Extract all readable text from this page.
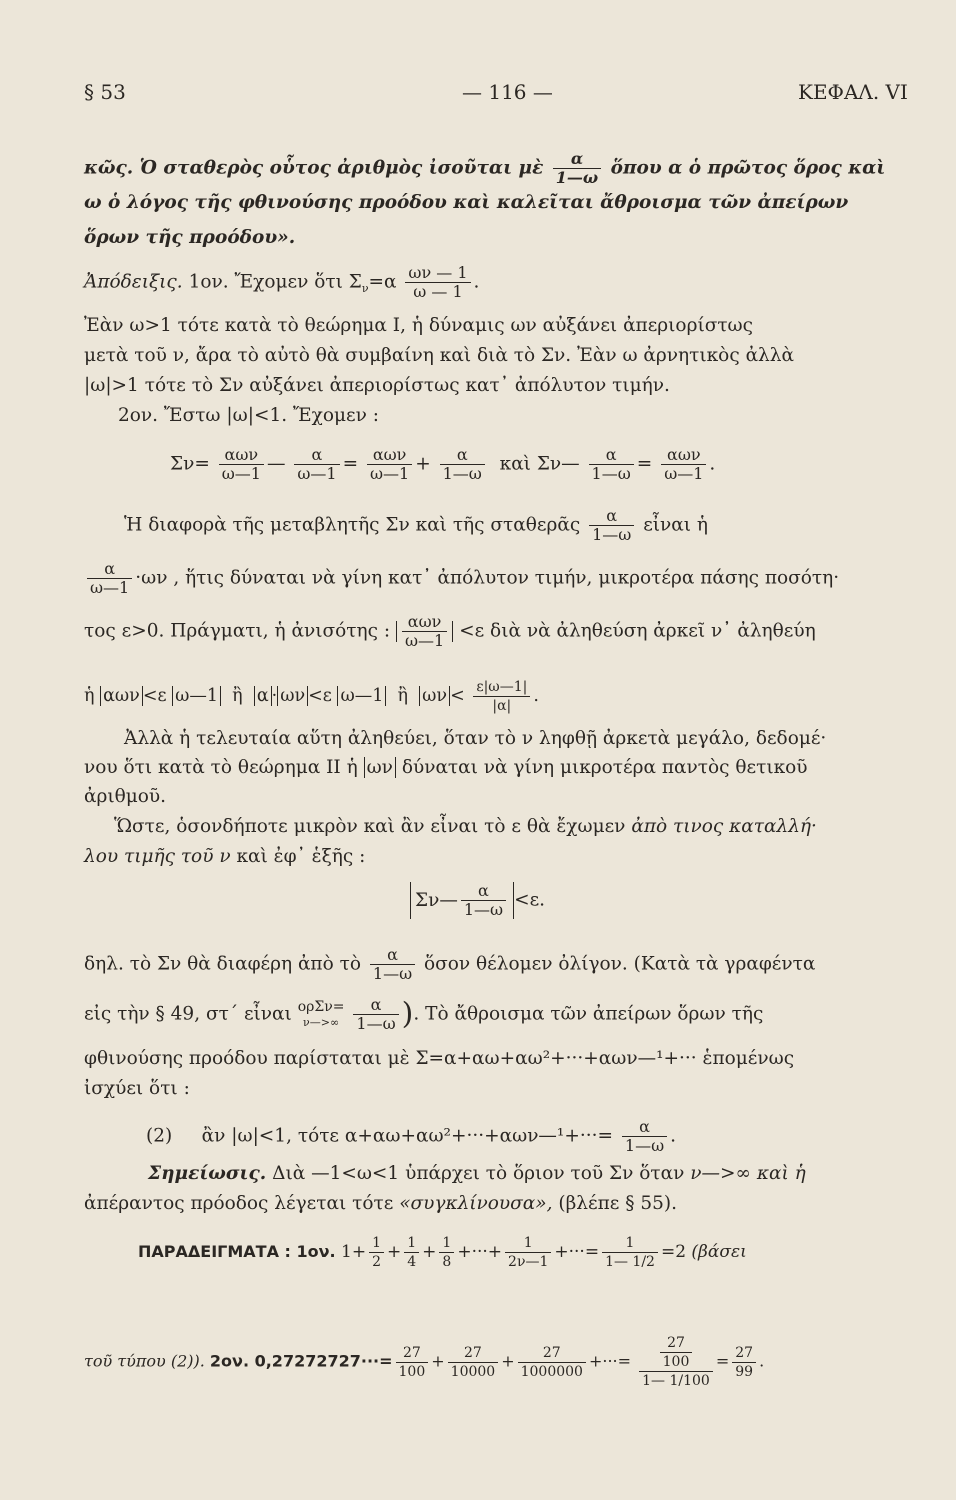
§ 53	— 116 —	ΚΕΦΑΛ. VI
κῶς. Ὁ σταθερὸς οὗτος ἀριθμὸς ἰσοῦται μὲ $\frac{\alpha}{1—\omega}$ ὅπου α ὁ πρῶτος ὅρος καὶ
ω ὁ λόγος τῆς φθινούσης προόδου καὶ καλεῖται ἄθροισμα τῶν ἀπείρων
ὅρων τῆς προόδου».
Ἀπόδειξις. 1ον. Ἔχομεν ὅτι $\Sigma_\nu=\alpha \frac{\omega\nu — 1}{\omega — 1}$ .
Ἐὰν ω>1 τότε κατὰ τὸ θεώρημα Ι, ἡ δύναμις ων αὐξάνει ἀπεριορίστως
μετὰ τοῦ ν, ἄρα τὸ αὐτὸ θὰ συμβαίνη καὶ διὰ τὸ Σν. Ἐὰν ω ἀρνητικὸς ἀλλὰ
|ω|>1 τότε τὸ Σν αὐξάνει ἀπεριορίστως κατ᾿ ἀπόλυτον τιμήν.
2ον. Ἔστω |ω|<1. Ἔχομεν :
$\Sigma\nu= \frac{\text{αων}}{\omega—1}$ — $\frac{\alpha}{\omega—1} = \frac{\text{αων}}{\omega—1} + \frac{\alpha}{1—\omega}$ καὶ Σν— $\frac{\alpha}{1—\omega} = \frac{\text{αων}}{\omega—1}$ .
Ἡ διαφορὰ τῆς μεταβλητῆς Σν καὶ τῆς σταθερᾶς $\frac{\alpha}{1—\omega}$ εἶναι ἡ
$\frac{\alpha}{\omega—1} \cdot\omega\nu$ , ἥτις δύναται νὰ γίνη κατ᾿ ἀπόλυτον τιμήν, μικροτέρα πάσης ποσότη·
τος ε>0. Πράγματι, ἡ ἀνισότης : $\frac{\text{αων}}{\omega—1} <\varepsilon$ διὰ νὰ ἀληθεύση ἀρκεῖ ν᾿ ἀληθεύη
ἡ αων <ε ω—1 ἢ α · ων <ε ω—1 ἢ $\omega\nu < \frac{\varepsilon|\omega—1|}{|\alpha|}$ .
Ἀλλὰ ἡ τελευταία αὕτη ἀληθεύει, ὅταν τὸ ν ληφθῇ ἀρκετὰ μεγάλο, δεδομέ·
νου ὅτι κατὰ τὸ θεώρημα ΙΙ ἡ ων δύναται νὰ γίνη μικροτέρα παντὸς θετικοῦ
ἀριθμοῦ.
Ὥστε, ὁσονδήποτε μικρὸν καὶ ἂν εἶναι τὸ ε θὰ ἔχωμεν ἀπὸ τινος καταλλή·
λου τιμῆς τοῦ ν καὶ ἐφ᾿ ἑξῆς :
Σν— $\frac{\alpha}{1—\omega} <\varepsilon$.
δηλ. τὸ Σν θὰ διαφέρη ἀπὸ τὸ $\frac{\alpha}{1—\omega}$ ὅσον θέλομεν ὀλίγον. (Κατὰ τὰ γραφέντα
εἰς τὴν § 49, στ´ εἶναι ορΣν=
ν—>∞
$\frac{\alpha}{1—\omega}$ ). Τὸ ἄθροισμα τῶν ἀπείρων ὅρων τῆς
φθινούσης προόδου παρίσταται μὲ Σ=α+αω+αω²+···+αων—¹+··· ἑπομένως
ἰσχύει ὅτι :
(2) ἂν |ω|<1, τότε α+αω+αω²+···+αων—¹+···= $\frac{\alpha}{1—\omega}$ .
Σημείωσις. Διὰ —1<ω<1 ὑπάρχει τὸ ὅριον τοῦ Σν ὅταν ν—>∞ καὶ ἡ
ἀπέραντος πρόοδος λέγεται τότε «συγκλίνουσα», (βλέπε § 55).
ΠΑΡΑΔΕΙΓΜΑΤΑ : 1ον. $1+ \frac{1}{2} + \frac{1}{4} + \frac{1}{8}$ +···+ $\frac{1}{2\nu—1}$ +···= $\frac{1}{1— 1/2} =2$ (βάσει
τοῦ τύπου (2)). 2ον. $0,27272727\cdot\cdot\cdot= \frac{27}{100} + \frac{27}{10000} + \frac{27}{1000000}$ +···= $\frac{\frac{27}{100}}{1— 1/100} = \frac{27}{99}$ .
